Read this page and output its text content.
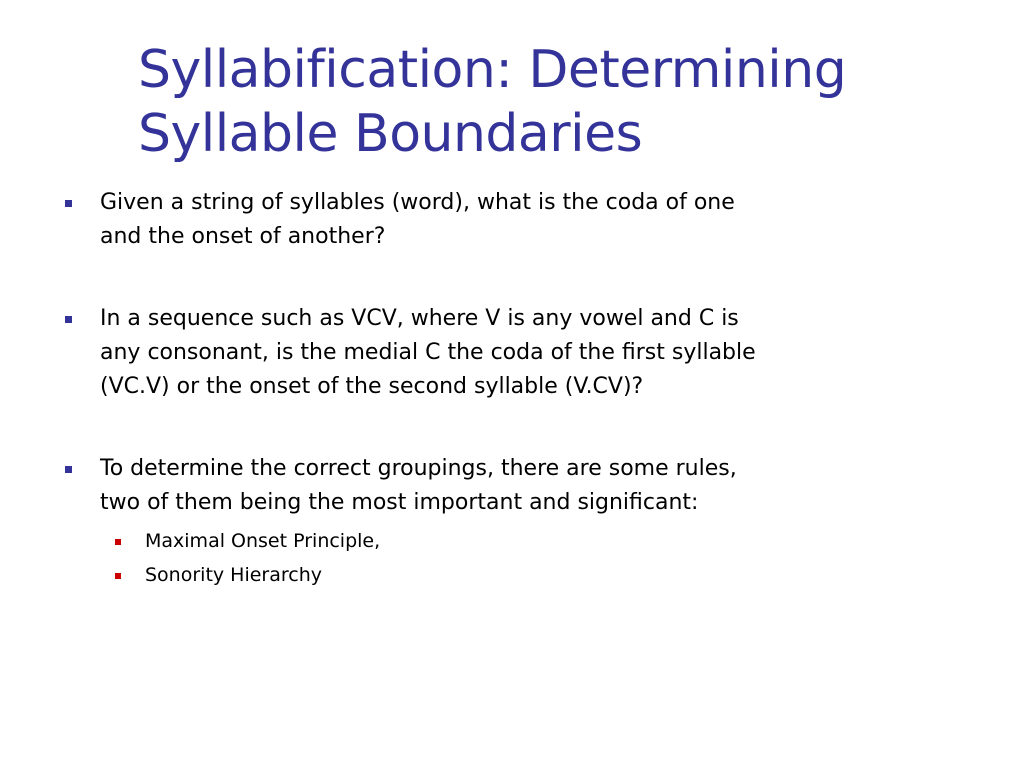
Syllabification: Determining
Syllable Boundaries
Given a string of syllables (word), what is the coda of one
and the onset of another?
In a sequence such as VCV, where V is any vowel and C is
any consonant, is the medial C the coda of the first syllable
(VC.V) or the onset of the second syllable (V.CV)?
To determine the correct groupings, there are some rules,
two of them being the most important and significant:
Maximal Onset Principle,
Sonority Hierarchy
